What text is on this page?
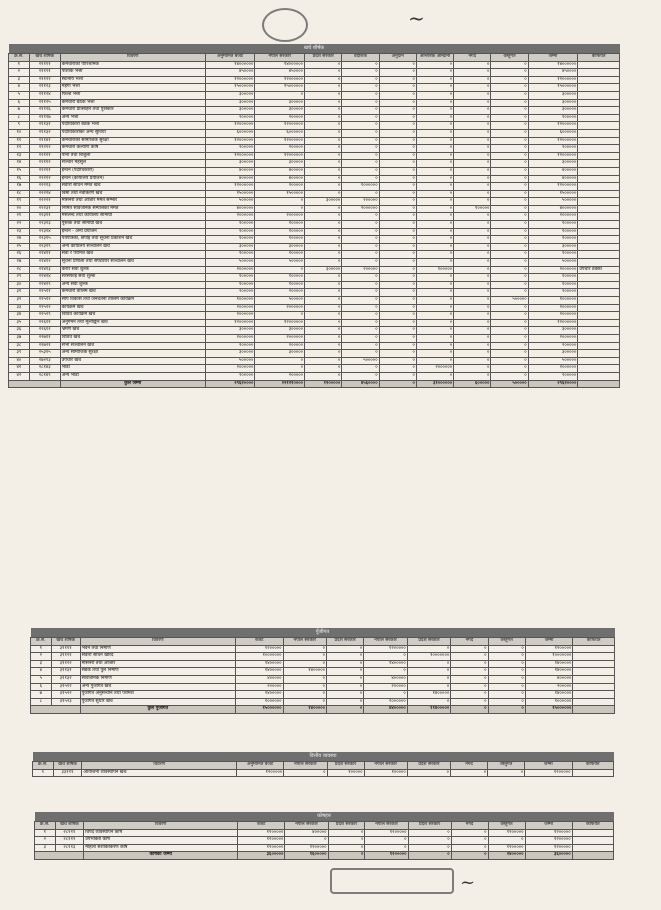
~
खर्च शीर्षक												
क्र.स.	खर्च शीर्षक	विवरण	अनुमानित बजेट	नेपाल सरकार	प्रदेश सरकार	वैदेशिक	अनुदान	आन्तरिक आम्दानी	नगद	वस्तुगत	जम्मा	कैफियत
१	२११११	कर्मचारीको पारिश्रमिक	१४००००००	१४००००००	०	०	०	०	०	०	१४००००००	
२	२११२१	पोशाक भत्ता	४५००००	४५००००	०	०	०	०	०	०	४५००००	
३	२११२२	स्थानीय भत्ता	१२००००००	१२००००००	०	०	०	०	०	०	१२००००००	
४	२११२३	महँगी भत्ता	१५००००००	१५००००००	०	०	०	०	०	०	१५००००००	
५	२११२४	फिल्ड भत्ता	३०००००	०	०	०	०	०	०	०	३०००००	
६	२११२५	कर्मचारी बैठक भत्ता	३०००००	३०००००	०	०	०	०	०	०	३०००००	
७	२११२६	कर्मचारी प्रोत्साहन तथा पुरस्कार	३०००००	३०००००	०	०	०	०	०	०	३०००००	
८	२११२७	अन्य भत्ता	२०००००	२०००००	०	०	०	०	०	०	२०००००	
९	२११३१	पदाधिकारी बैठक भत्ता	१२००००००	१२००००००	०	०	०	०	०	०	१२००००००	
१०	२११३२	पदाधिकारीको अन्य सुविधा	६००००००	६००००००	०	०	०	०	०	०	६००००००	
११	२११४१	कर्मचारीको सामाजिक सुरक्षा	१२००००००	१२००००००	०	०	०	०	०	०	१२००००००	
१२	२१२१२	कर्मचारी कल्याण कोष	२०००००	२०००००	०	०	०	०	०	०	२०००००	
१३	२२१११	पानी तथा बिजुली	१२००००००	१२००००००	०	०	०	०	०	०	१२००००००	
१४	२२११२	सञ्चार महसुल	३०००००	३०००००	०	०	०	०	०	०	३०००००	
१५	२२२११	इन्धन (पदाधिकारी)	४०००००	४०००००	०	०	०	०	०	०	४०००००	
१६	२२२१२	इन्धन (कार्यालय प्रयोजन)	४०००००	४०००००	०	०	०	०	०	०	४०००००	
१७	२२२१३	सवारी साधन मर्मत खर्च	१२००००००	२०००००	०	१००००००	०	०	०	०	१२००००००	
१८	२२२१४	बिमा तथा नवीकरण खर्च	१५०००००	१५०००००	०	०	०	०	०	०	१५०००००	
१९	२२२२१	मेसिनरी तथा औजार मर्मत सम्भार	५०००००	०	३०००००	२०००००	०	०	०	०	५०००००	
२०	२२२३१	निर्मित सार्वजनिक सम्पत्तिको मर्मत	४००००००	०	०	२००००००	०	०	१०००००	०	४००००००	
२१	२२३११	मसलन्द तथा कार्यालय सामाग्री	२००००००	२००००००	०	०	०	०	०	०	२००००००	
२२	२२३१३	पुस्तक तथा सामाग्री खर्च	१०००००	१०००००	०	०	०	०	०	०	१०००००	
२३	२२३१४	इन्धन - अन्य प्रयोजन	१०००००	१०००००	०	०	०	०	०	०	१०००००	
२४	२२३१५	पत्रपत्रिका, छपाई तथा सूचना प्रकाशन खर्च	१०००००	१०००००	०	०	०	०	०	०	१०००००	
२५	२२३१९	अन्य कार्यालय सञ्चालन खर्च	३०००००	३०००००	०	०	०	०	०	०	३०००००	
२६	२२४११	सेवा र परामर्श खर्च	१०००००	१०००००	०	०	०	०	०	०	१०००००	
२७	२२४१२	सूचना प्रणाली तथा सफ्टवेयर सञ्चालन खर्च	५०००००	५०००००	०	०	०	०	०	०	५०००००	
२८	२२४१३	करार सेवा शुल्क	२००००००	०	३०००००	२०००००	०	१०००००	०	०	२००००००	उपचार ठेक्का
२९	२२४१४	सरसफाइ सेवा शुल्क	१०००००	१०००००	०	०	०	०	०	०	१०००००	
३०	२२४१९	अन्य सेवा शुल्क	१०००००	१०००००	०	०	०	०	०	०	१०००००	
३१	२२५११	कर्मचारी तालिम खर्च	२०००००	२०००००	०	०	०	०	०	०	२०००००	
३२	२२५१२	सीप विकास तथा जनचेतना तालिम कार्यक्रम	१००००००	५०००००	०	०	०	०	०	५०००००	१००००००	
३३	२२५२२	कार्यक्रम खर्च	२००००००	२००००००	०	०	०	०	०	०	२००००००	
३४	२२५२९	विविध कार्यक्रम खर्च	२००००००	०	०	०	०	०	०	०	२००००००	
३५	२२६११	अनुगमन तथा मूल्याङ्कन खर्च	१२००००००	१२००००००	०	०	०	०	०	०	१२००००००	
३६	२२६१२	भ्रमण खर्च	३०००००	३०००००	०	०	०	०	०	०	३०००००	
३७	२२७११	विविध खर्च	२००००००	२००००००	०	०	०	०	०	०	२००००००	
३८	२२७२१	सभा सञ्चालन खर्च	२०००००	२०००००	०	०	०	०	०	०	२०००००	
३९	२५३१५	अन्य सामाजिक सुरक्षा	३०००००	३०००००	०	०	०	०	०	०	३०००००	
४०	२७२१३	उपचार खर्च	५०००००	०	०	५०००००	०	०	०	०	५०००००	
४१	२८१४३	भाडा	२००००००	०	०	०	०	२००००००	०	०	२००००००	
४२	२८१४९	अन्य भाडा	२०००००	२०००००	०	०	०	०	०	०	२०००००	
		कुल जम्मा	२९६२००००	२२१२१००००	१२०००००	४५६००००	०	३१००००००	६०००००	५०००००	२९६२००००	
पुँजीगत											
क्र.स.	खर्च शीर्षक	विवरण	बजेट	नेपाल सरकार	प्रदेश सरकार	नेपाल सरकार	प्रदेश सरकार	नगद	वस्तुगत	जम्मा	कैफियत
१	३११११	भवन तथा निर्माण	१२०००००	०	०	१२०००००	०	०	०	१२०००००	
२	३११२१	सवारी साधन खरिद	१०००००००	०	०	०	१०००००००	०	०	१०००००००	
३	३११२२	मेसिनरी तथा औजार	१४०००००	०	०	१४०००००	०	०	०	१४०००००	
४	३११३१	सडक तथा पुल निर्माण	१४०००००	१४०००००	०	०	०	०	०	१४०००००	
५	३११३२	सार्वजनिक निर्माण	४०००००	०	०	४०००००	०	०	०	४०००००	
६	३१५१२	अन्य पुँजीगत खर्च	२०००००	०	०	२०००००	०	०	०	२०००००	
७	३१५२२	पुँजीगत अनुसन्धान तथा परामर्श	१४०००००	०	०	०	१४०००००	०	०	१४०००००	
८	३१५२३	पुँजीगत सुधार खर्च	१००००००	०	०	१००००००	०	०	०	१००००००	
		कुल पुँजीगत	१५००००००	१४०००००	०	४४०००००	११४०००००	०	०	१५००००००	
वित्तीय व्यवस्था											
क्र.स.	खर्च शीर्षक	विवरण	अनुमानित बजेट	नेपाल सरकार	प्रदेश सरकार	नेपाल सरकार	प्रदेश सरकार	नगद	वस्तुगत	जम्मा	कैफियत
१	३३१११	आयोजना व्यवस्थापन खर्च	१२०००००	०	१०००००	१०००००	०	०	०	१२०००००	
कोषहरु											
क्र.स.	खर्च शीर्षक	विवरण	बजेट	नेपाल सरकार	प्रदेश सरकार	नेपाल सरकार	प्रदेश सरकार	नगद	वस्तुगत	जम्मा	कैफियत
१	२८१११	विपद व्यवस्थापन कोष	१२०००००	४०००००	०	१२०००००	०	०	१२०००००	१२०००००	
२	२८११२	उपभोक्ता कोष	१२०००००	०	०	०	०	०	०	१२०००००	
३	२८११३	महिला सशक्तिकरण कोष	१२०००००	१२०००००	०	०	०	०	१२०००००	१२०००००	
		कोषको जम्मा	३६०००००	१६०००००	०	१२०००००	०	०	२४०००००	३६०००००	
~
